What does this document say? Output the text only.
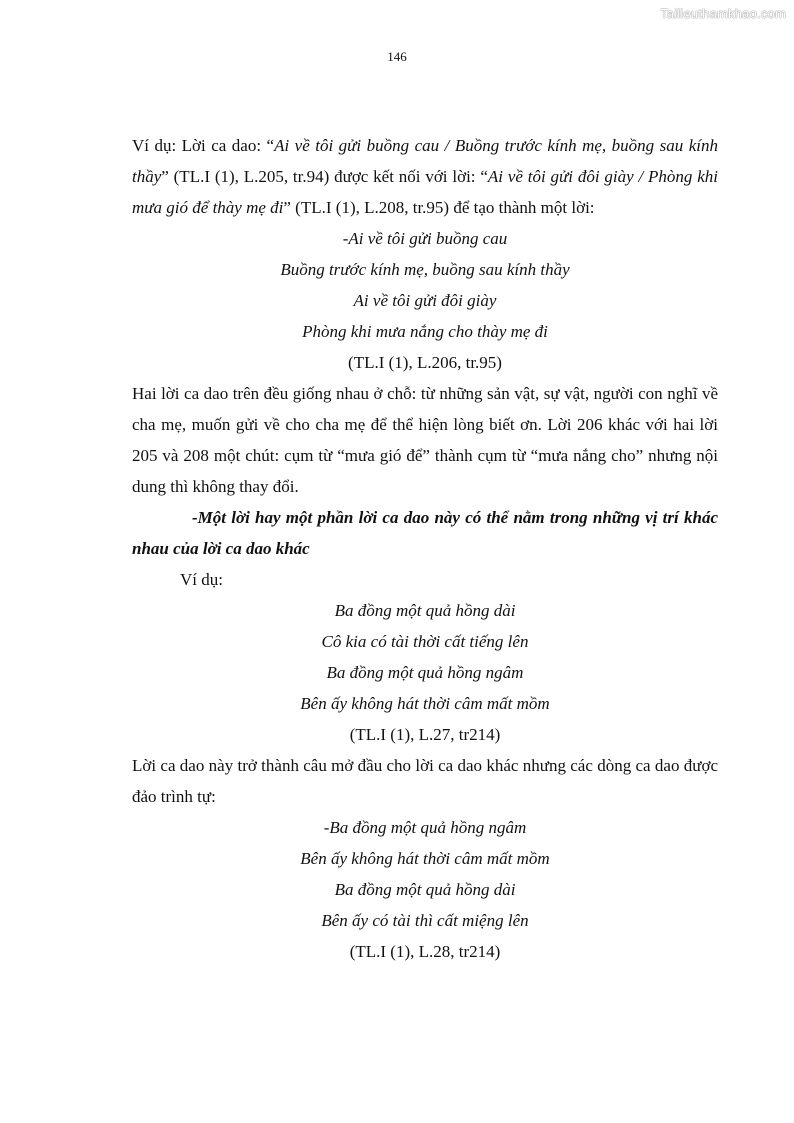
Tailieuthamkhao.com
146

Ví dụ: Lời ca dao: “Ai về tôi gửi buồng cau / Buồng trước kính mẹ, buồng sau kính thầy” (TL.I (1), L.205, tr.94) được kết nối với lời: “Ai về tôi gửi đôi giày / Phòng khi mưa gió để thày mẹ đi” (TL.I (1), L.208, tr.95) để tạo thành một lời:

-Ai về tôi gửi buồng cau
Buồng trước kính mẹ, buồng sau kính thầy
Ai về tôi gửi đôi giày
Phòng khi mưa nắng cho thày mẹ đi
(TL.I (1), L.206, tr.95)

Hai lời ca dao trên đều giống nhau ở chỗ: từ những sản vật, sự vật, người con nghĩ về cha mẹ, muốn gửi về cho cha mẹ để thể hiện lòng biết ơn. Lời 206 khác với hai lời 205 và 208 một chút: cụm từ “mưa gió để” thành cụm từ “mưa nắng cho” nhưng nội dung thì không thay đổi.

-Một lời hay một phần lời ca dao này có thể nằm trong những vị trí khác nhau của lời ca dao khác

Ví dụ:

Ba đồng một quả hồng dài
Cô kia có tài thời cất tiếng lên
Ba đồng một quả hồng ngâm
Bên ấy không hát thời câm mất mồm
(TL.I (1), L.27, tr214)

Lời ca dao này trở thành câu mở đầu cho lời ca dao khác nhưng các dòng ca dao được đảo trình tự:

-Ba đồng một quả hồng ngâm
Bên ấy không hát thời câm mất mồm
Ba đồng một quả hồng dài
Bên ấy có tài thì cất miệng lên
(TL.I (1), L.28, tr214)
